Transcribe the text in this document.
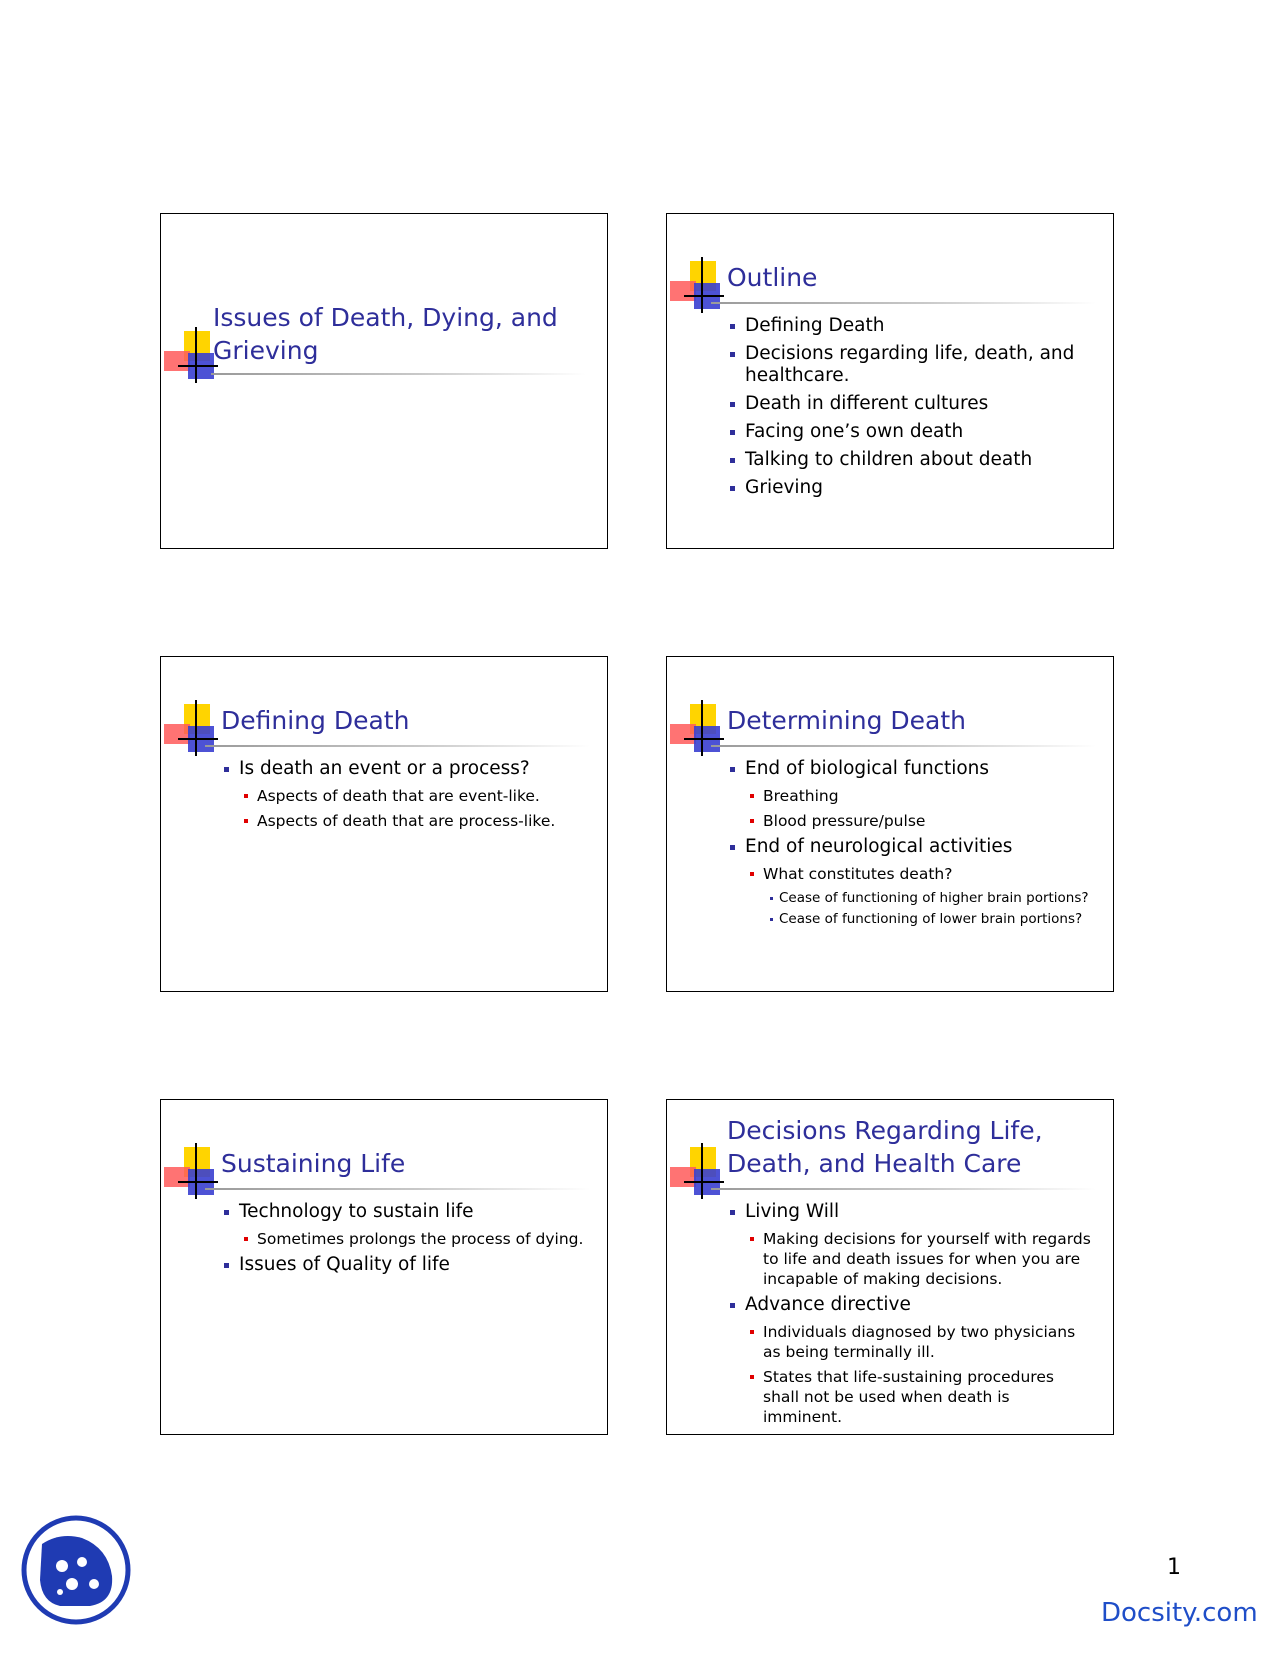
Issues of Death, Dying, and Grieving
Outline
Defining Death
Decisions regarding life, death, and healthcare.
Death in different cultures
Facing one’s own death
Talking to children about death
Grieving
Defining Death
Is death an event or a process?
Aspects of death that are event-like.
Aspects of death that are process-like.
Determining Death
End of biological functions
Breathing
Blood pressure/pulse
End of neurological activities
What constitutes death?
Cease of functioning of higher brain portions?
Cease of functioning of lower brain portions?
Sustaining Life
Technology to sustain life
Sometimes prolongs the process of dying.
Issues of Quality of life
Decisions Regarding Life, Death, and Health Care
Living Will
Making decisions for yourself with regards to life and death issues for when you are incapable of making decisions.
Advance directive
Individuals diagnosed by two physicians as being terminally ill.
States that life-sustaining procedures shall not be used when death is imminent.
1
Docsity.com
